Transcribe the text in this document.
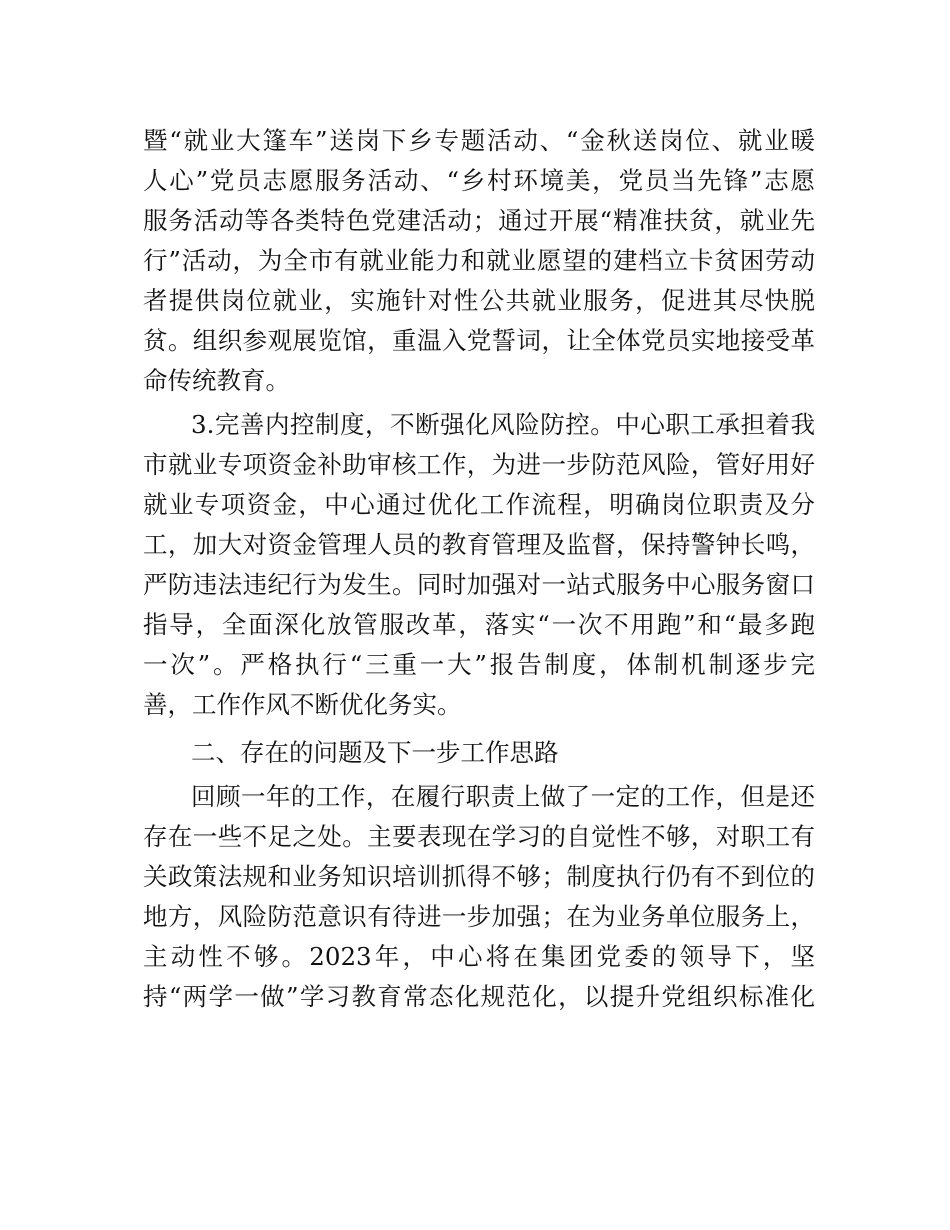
暨“就业大篷车”送岗下乡专题活动、“金秋送岗位、就业暖
人心”党员志愿服务活动、“乡村环境美，党员当先锋”志愿
服务活动等各类特色党建活动；通过开展“精准扶贫，就业先
行”活动，为全市有就业能力和就业愿望的建档立卡贫困劳动
者提供岗位就业，实施针对性公共就业服务，促进其尽快脱
贫。组织参观展览馆，重温入党誓词，让全体党员实地接受革
命传统教育。
3.完善内控制度，不断强化风险防控。中心职工承担着我
市就业专项资金补助审核工作，为进一步防范风险，管好用好
就业专项资金，中心通过优化工作流程，明确岗位职责及分
工，加大对资金管理人员的教育管理及监督，保持警钟长鸣，
严防违法违纪行为发生。同时加强对一站式服务中心服务窗口
指导，全面深化放管服改革，落实“一次不用跑”和“最多跑
一次”。严格执行“三重一大”报告制度，体制机制逐步完
善，工作作风不断优化务实。
二、存在的问题及下一步工作思路
回顾一年的工作，在履行职责上做了一定的工作，但是还
存在一些不足之处。主要表现在学习的自觉性不够，对职工有
关政策法规和业务知识培训抓得不够；制度执行仍有不到位的
地方，风险防范意识有待进一步加强；在为业务单位服务上，
主动性不够。2023年，中心将在集团党委的领导下，坚
持“两学一做”学习教育常态化规范化，以提升党组织标准化
